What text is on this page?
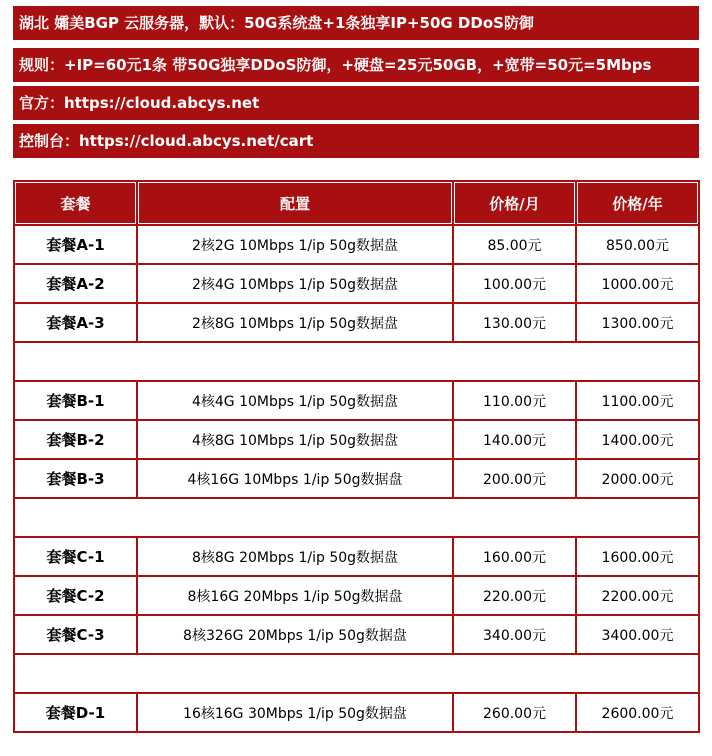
湖北 孀美BGP 云服务器，默认：50G系统盘+1条独享IP+50G DDoS防御
规则：+IP=60元1条 带50G独享DDoS防御，+硬盘=25元50GB，+宽带=50元=5Mbps
官方：https://cloud.abcys.net
控制台：https://cloud.abcys.net/cart
套餐	配置	价格/月	价格/年
套餐A-1	2核2G 10Mbps 1/ip 50g数据盘	85.00元	850.00元
套餐A-2	2核4G 10Mbps 1/ip 50g数据盘	100.00元	1000.00元
套餐A-3	2核8G 10Mbps 1/ip 50g数据盘	130.00元	1300.00元

套餐B-1	4核4G 10Mbps 1/ip 50g数据盘	110.00元	1100.00元
套餐B-2	4核8G 10Mbps 1/ip 50g数据盘	140.00元	1400.00元
套餐B-3	4核16G 10Mbps 1/ip 50g数据盘	200.00元	2000.00元

套餐C-1	8核8G 20Mbps 1/ip 50g数据盘	160.00元	1600.00元
套餐C-2	8核16G 20Mbps 1/ip 50g数据盘	220.00元	2200.00元
套餐C-3	8核326G 20Mbps 1/ip 50g数据盘	340.00元	3400.00元

套餐D-1	16核16G 30Mbps 1/ip 50g数据盘	260.00元	2600.00元
